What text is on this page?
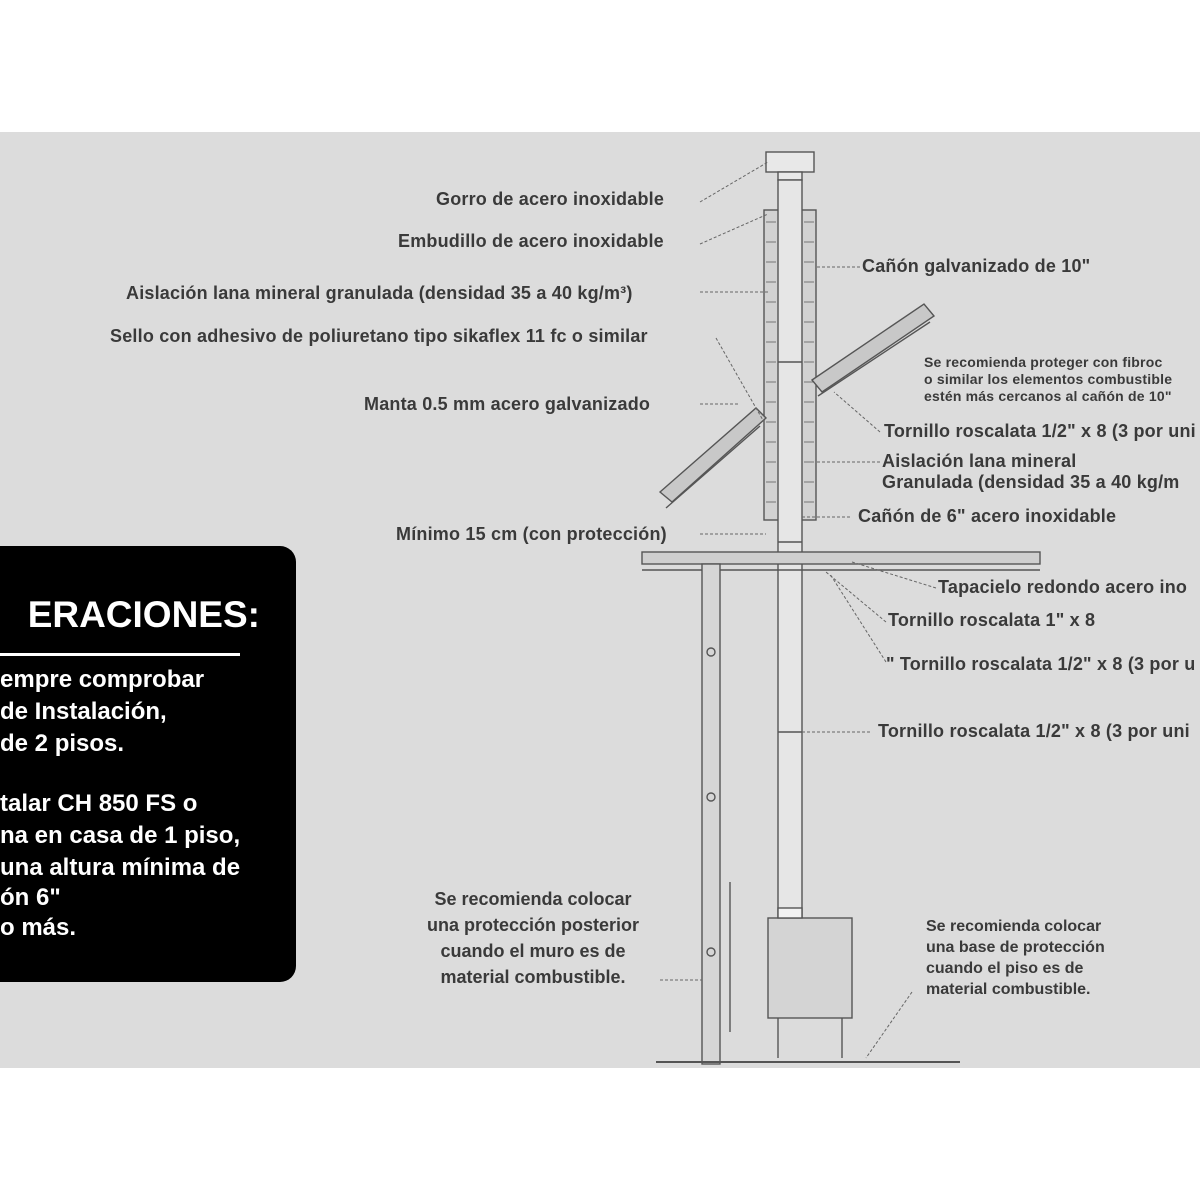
Gorro de acero inoxidable
Embudillo de acero inoxidable
Aislación lana mineral granulada (densidad 35 a 40 kg/m³)
Sello con adhesivo de poliuretano tipo sikaflex 11 fc o similar
Manta 0.5 mm acero galvanizado
Mínimo 15 cm (con protección)
Cañón galvanizado de 10"
Se recomienda proteger con fibroc
o similar los elementos combustible
estén más cercanos al cañón de 10"
Tornillo roscalata 1/2" x 8 (3 por uni
Aislación lana mineral
Granulada (densidad 35 a 40 kg/m
Cañón de 6" acero inoxidable
Tapacielo redondo acero ino
Tornillo roscalata 1" x 8
" Tornillo roscalata 1/2" x 8 (3 por u
Tornillo roscalata 1/2" x 8 (3 por uni
Se recomienda colocar
una protección posterior
cuando el muro es de
material combustible.
Se recomienda colocar
una base de protección
cuando el piso es de
material combustible.
ERACIONES:
empre comprobar
de Instalación,
de 2 pisos.
talar CH 850 FS o
na en casa de 1 piso,
una altura mínima de
ón 6"
o más.
